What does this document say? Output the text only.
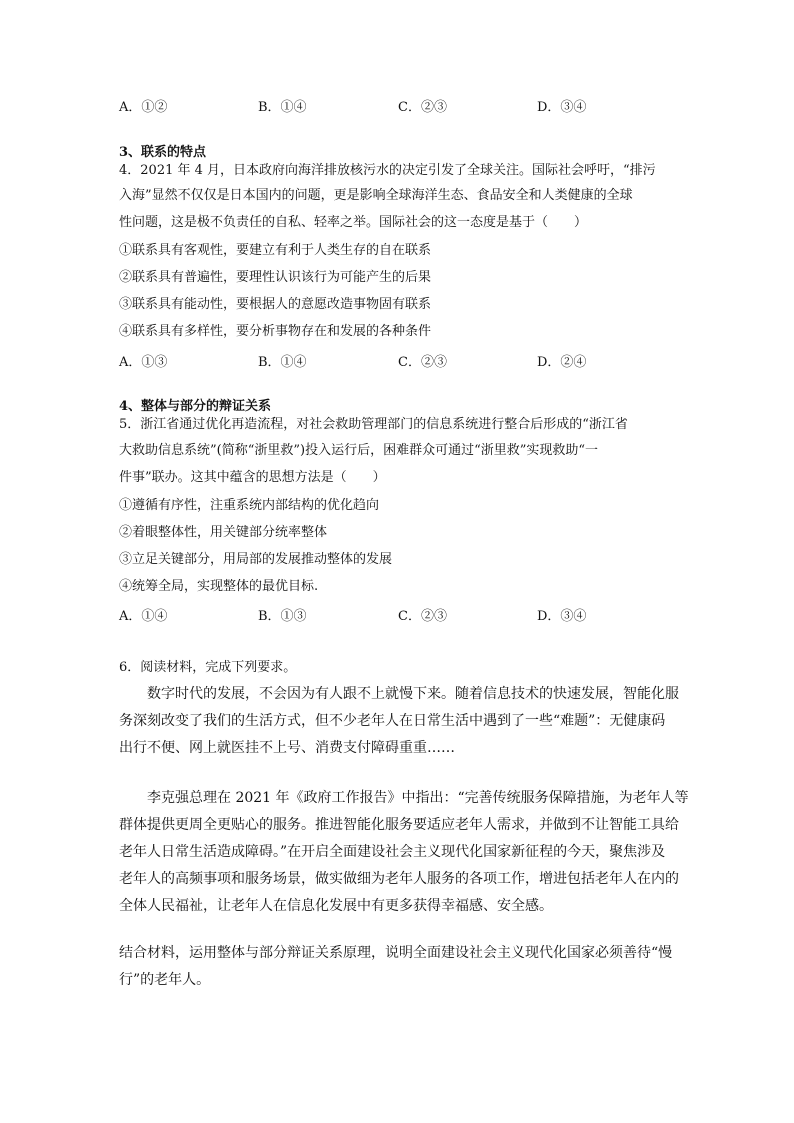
A．①②	B．①④	C．②③	D．③④
3、联系的特点
4．2021 年 4 月，日本政府向海洋排放核污水的决定引发了全球关注。国际社会呼吁，“排污
入海”显然不仅仅是日本国内的问题，更是影响全球海洋生态、食品安全和人类健康的全球
性问题，这是极不负责任的自私、轻率之举。国际社会的这一态度是基于（　　）
①联系具有客观性，要建立有利于人类生存的自在联系
②联系具有普遍性，要理性认识该行为可能产生的后果
③联系具有能动性，要根据人的意愿改造事物固有联系
④联系具有多样性，要分析事物存在和发展的各种条件
A．①③	B．①④	C．②③	D．②④
4、整体与部分的辩证关系
5．浙江省通过优化再造流程，对社会救助管理部门的信息系统进行整合后形成的“浙江省
大救助信息系统”(简称“浙里救”)投入运行后，困难群众可通过“浙里救”实现救助“一
件事”联办。这其中蕴含的思想方法是（　　）
①遵循有序性，注重系统内部结构的优化趋向
②着眼整体性，用关键部分统率整体
③立足关键部分，用局部的发展推动整体的发展
④统筹全局，实现整体的最优目标.
A．①④	B．①③	C．②③	D．③④
6．阅读材料，完成下列要求。
　　数字时代的发展，不会因为有人跟不上就慢下来。随着信息技术的快速发展，智能化服
务深刻改变了我们的生活方式，但不少老年人在日常生活中遇到了一些“难题”：无健康码
出行不便、网上就医挂不上号、消费支付障碍重重……
　　李克强总理在 2021 年《政府工作报告》中指出：“完善传统服务保障措施，为老年人等
群体提供更周全更贴心的服务。推进智能化服务要适应老年人需求，并做到不让智能工具给
老年人日常生活造成障碍。”在开启全面建设社会主义现代化国家新征程的今天，聚焦涉及
老年人的高频事项和服务场景，做实做细为老年人服务的各项工作，增进包括老年人在内的
全体人民福祉，让老年人在信息化发展中有更多获得幸福感、安全感。
结合材料，运用整体与部分辩证关系原理，说明全面建设社会主义现代化国家必须善待“慢
行”的老年人。
